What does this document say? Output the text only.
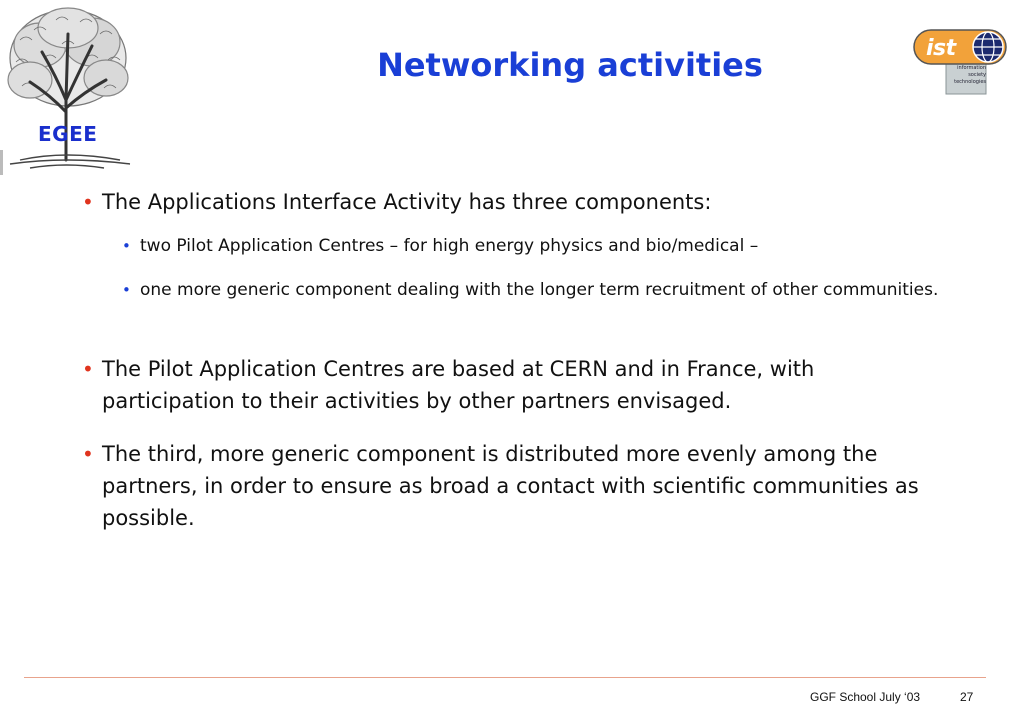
EGEE
Networking activities	ist
information
society
technologies
• The Applications Interface Activity has three components:
• two Pilot Application Centres – for high energy physics and bio/medical –
• one more generic component dealing with the longer term recruitment of other communities.
• The Pilot Application Centres are based at CERN and in France, with participation to their activities by other partners envisaged.
• The third, more generic component is distributed more evenly among the partners, in order to ensure as broad a contact with scientific communities as possible.
GGF School July ‘03	27
